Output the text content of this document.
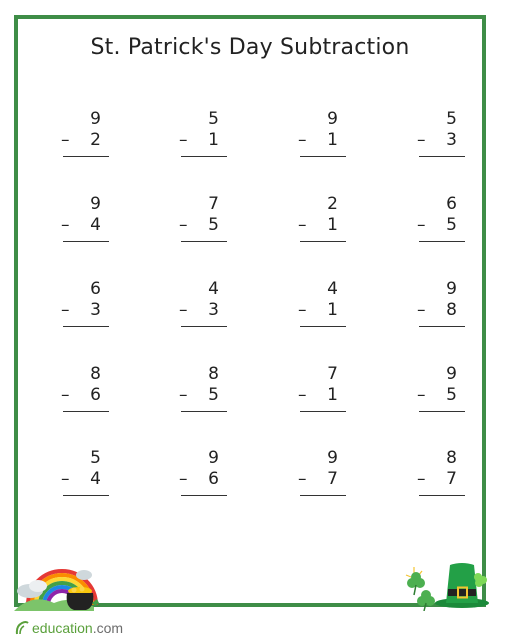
St. Patrick's Day Subtraction
9
– 2
5
– 1
9
– 1
5
– 3
9
– 4
7
– 5
2
– 1
6
– 5
6
– 3
4
– 3
4
– 1
9
– 8
8
– 6
8
– 5
7
– 1
9
– 5
5
– 4
9
– 6
9
– 7
8
– 7
education.com
